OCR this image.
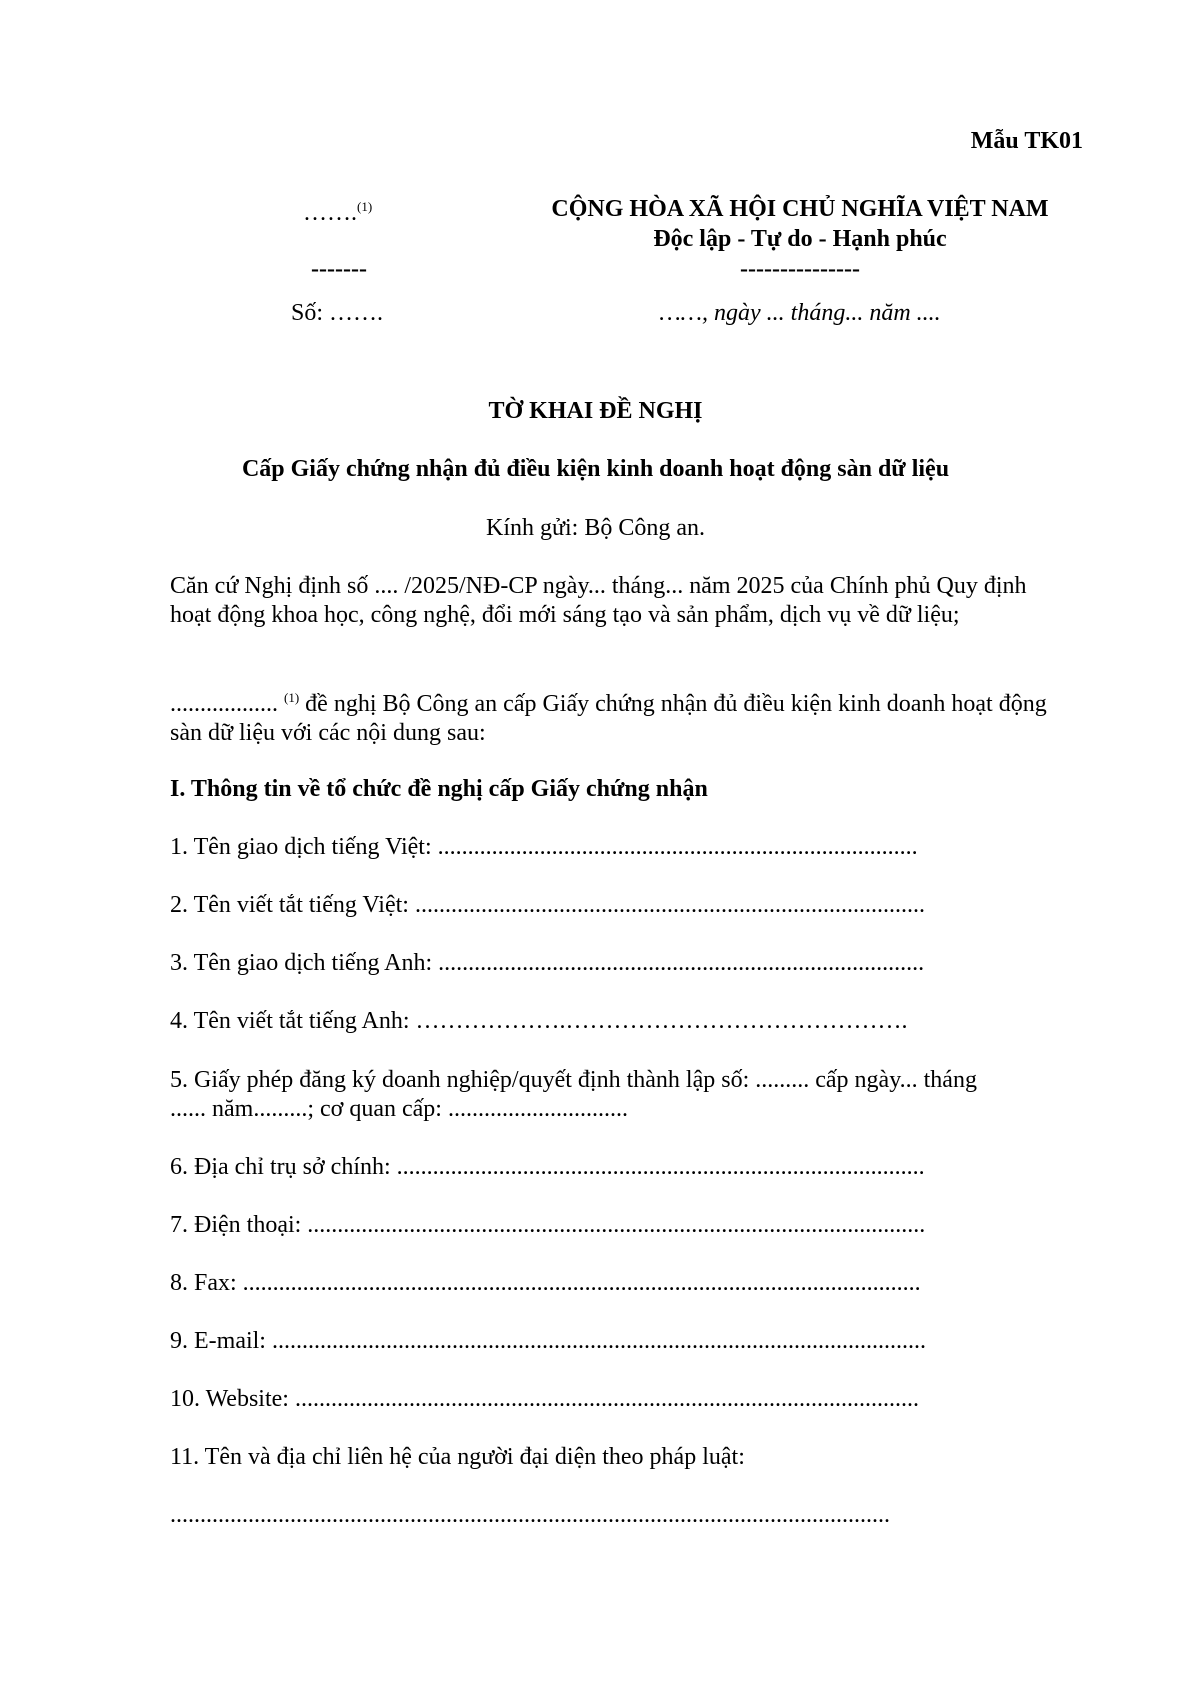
Mẫu TK01
…….$^{(1)}$
-------
Số: …….
CỘNG HÒA XÃ HỘI CHỦ NGHĨA VIỆT NAM
Độc lập - Tự do - Hạnh phúc
---------------
……, ngày ... tháng... năm ....
TỜ KHAI ĐỀ NGHỊ
Cấp Giấy chứng nhận đủ điều kiện kinh doanh hoạt động sàn dữ liệu
Kính gửi: Bộ Công an.
Căn cứ Nghị định số .... /2025/NĐ-CP ngày... tháng... năm 2025 của Chính phủ Quy định hoạt động khoa học, công nghệ, đổi mới sáng tạo và sản phẩm, dịch vụ về dữ liệu;
.................. $^{(1)}$ đề nghị Bộ Công an cấp Giấy chứng nhận đủ điều kiện kinh doanh hoạt động sàn dữ liệu với các nội dung sau:
I. Thông tin về tổ chức đề nghị cấp Giấy chứng nhận
1. Tên giao dịch tiếng Việt: ................................................................................
2. Tên viết tắt tiếng Việt: .....................................................................................
3. Tên giao dịch tiếng Anh: .................................................................................
4. Tên viết tắt tiếng Anh: ……………….…………………………………….
5. Giấy phép đăng ký doanh nghiệp/quyết định thành lập số: ......... cấp ngày... tháng ...... năm.........; cơ quan cấp: ..............................
6. Địa chỉ trụ sở chính: ........................................................................................
7. Điện thoại: .......................................................................................................
8. Fax: .................................................................................................................
9. E-mail: .............................................................................................................
10. Website: ........................................................................................................
11. Tên và địa chỉ liên hệ của người đại diện theo pháp luật:
........................................................................................................................
